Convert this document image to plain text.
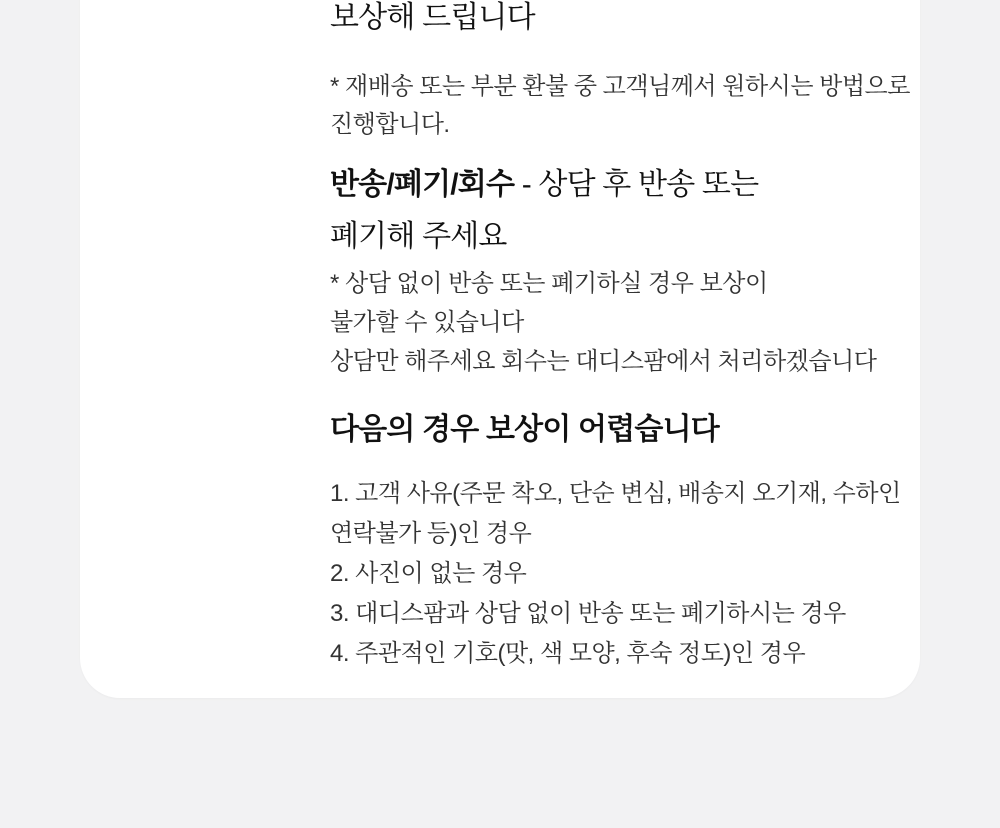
보상해 드립니다
* 재배송 또는 부분 환불 중 고객님께서 원하시는 방법으로
진행합니다.
반송/폐기/회수 - 상담 후 반송 또는
폐기해 주세요
* 상담 없이 반송 또는 폐기하실 경우 보상이
불가할 수 있습니다
상담만 해주세요 회수는 대디스팜에서 처리하겠습니다
다음의 경우 보상이 어렵습니다
1. 고객 사유(주문 착오, 단순 변심, 배송지 오기재, 수하인
연락불가 등)인 경우
2. 사진이 없는 경우
3. 대디스팜과 상담 없이 반송 또는 폐기하시는 경우
4. 주관적인 기호(맛, 색 모양, 후숙 정도)인 경우
